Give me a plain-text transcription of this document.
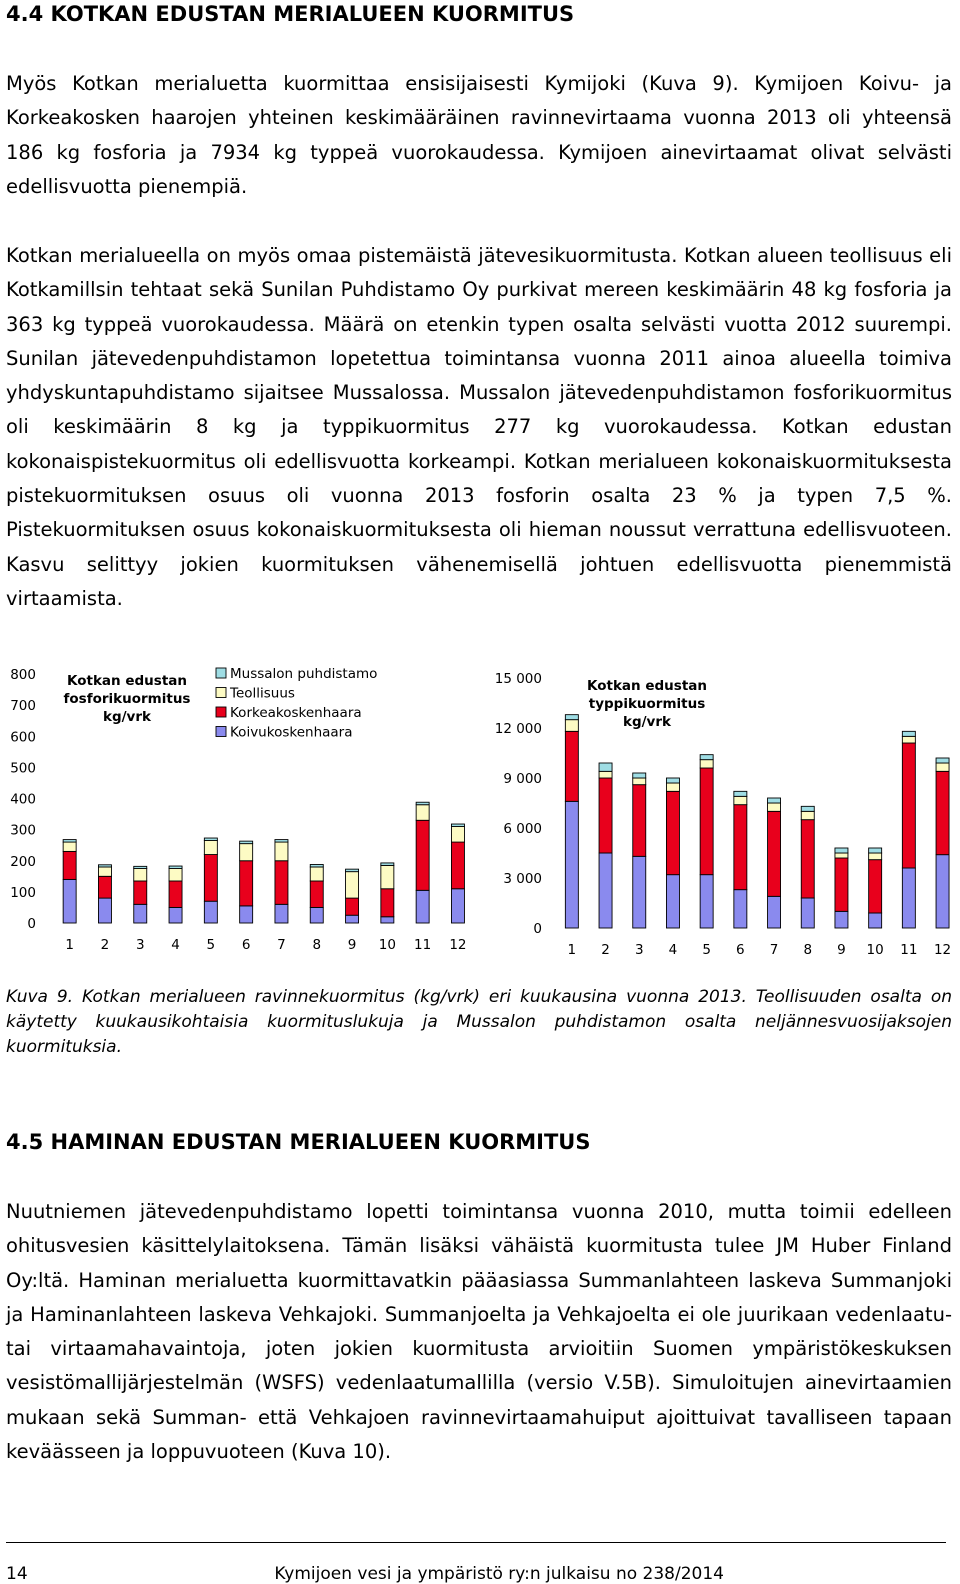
4.4 KOTKAN EDUSTAN MERIALUEEN KUORMITUS

Myös Kotkan merialuetta kuormittaa ensisijaisesti Kymijoki (Kuva 9). Kymijoen Koivu- ja Korkeakosken haarojen yhteinen keskimääräinen ravinnevirtaama vuonna 2013 oli yhteensä 186 kg fosforia ja 7934 kg typpeä vuorokaudessa. Kymijoen ainevirtaamat olivat selvästi edellisvuotta pienempiä.

Kotkan merialueella on myös omaa pistemäistä jätevesikuormitusta. Kotkan alueen teollisuus eli Kotkamillsin tehtaat sekä Sunilan Puhdistamo Oy purkivat mereen keskimäärin 48 kg fosforia ja 363 kg typpeä vuorokaudessa. Määrä on etenkin typen osalta selvästi vuotta 2012 suurempi. Sunilan jätevedenpuhdistamon lopetettua toimintansa vuonna 2011 ainoa alueella toimiva yhdyskuntapuhdistamo sijaitsee Mussalossa. Mussalon jätevedenpuhdistamon fosforikuormitus oli keskimäärin 8 kg ja typpikuormitus 277 kg vuorokaudessa. Kotkan edustan kokonaispistekuormitus oli edellisvuotta korkeampi. Kotkan merialueen kokonaiskuormituksesta pistekuormituksen osuus oli vuonna 2013 fosforin osalta 23 % ja typen 7,5 %. Pistekuormituksen osuus kokonaiskuormituksesta oli hieman noussut verrattuna edellisvuoteen. Kasvu selittyy jokien kuormituksen vähenemisellä johtuen edellisvuotta pienemmistä virtaamista.

Kotkan edustan
fosforikuormitus
kg/vrk
Mussalon puhdistamo
Teollisuus
Korkeakoskenhaara
Koivukoskenhaara
0
100
200
300
400
500
600
700
800
1 2 3 4 5 6 7 8 9 10 11 12
Kotkan edustan
typpikuormitus
kg/vrk
0
3 000
6 000
9 000
12 000
15 000
1 2 3 4 5 6 7 8 9 10 11 12

Kuva 9. Kotkan merialueen ravinnekuormitus (kg/vrk) eri kuukausina vuonna 2013. Teollisuuden osalta on käytetty kuukausikohtaisia kuormituslukuja ja Mussalon puhdistamon osalta neljännesvuosijaksojen kuormituksia.

4.5 HAMINAN EDUSTAN MERIALUEEN KUORMITUS

Nuutniemen jätevedenpuhdistamo lopetti toimintansa vuonna 2010, mutta toimii edelleen ohitusvesien käsittelylaitoksena. Tämän lisäksi vähäistä kuormitusta tulee JM Huber Finland Oy:ltä. Haminan merialuetta kuormittavatkin pääasiassa Summanlahteen laskeva Summanjoki ja Haminanlahteen laskeva Vehkajoki. Summanjoelta ja Vehkajoelta ei ole juurikaan vedenlaatu- tai virtaamahavaintoja, joten jokien kuormitusta arvioitiin Suomen ympäristökeskuksen vesistömallijärjestelmän (WSFS) vedenlaatumallilla (versio V.5B). Simuloitujen ainevirtaamien mukaan sekä Summan- että Vehkajoen ravinnevirtaamahuiput ajoittuivat tavalliseen tapaan keväässeen ja loppuvuoteen (Kuva 10).

14	Kymijoen vesi ja ympäristö ry:n julkaisu no 238/2014
